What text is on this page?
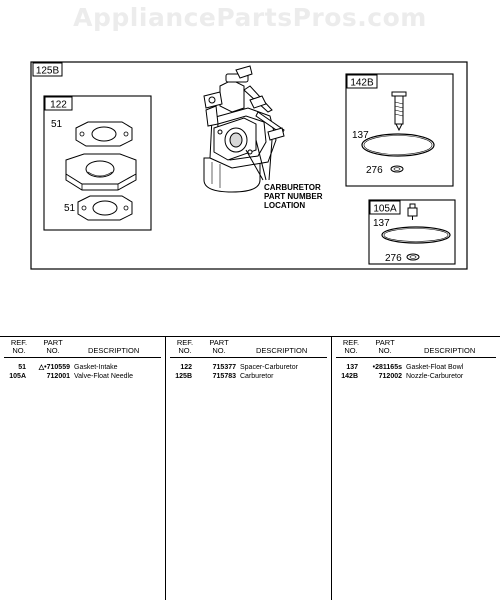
AppliancePartsPros.com
125B
122
51
51
CARBURETOR
PART NUMBER
LOCATION
142B
137
276
105A
137
276
REF.
NO.
PART
NO.	DESCRIPTION
51	△•710559 Gasket-Intake
105A	712001 Valve-Float Needle
REF.
NO.
PART
NO.	DESCRIPTION
122	715377 Spacer-Carburetor
125B	715783 Carburetor
REF.
NO.
PART
NO.	DESCRIPTION
137	•281165s Gasket-Float Bowl
142B	712002 Nozzle-Carburetor
